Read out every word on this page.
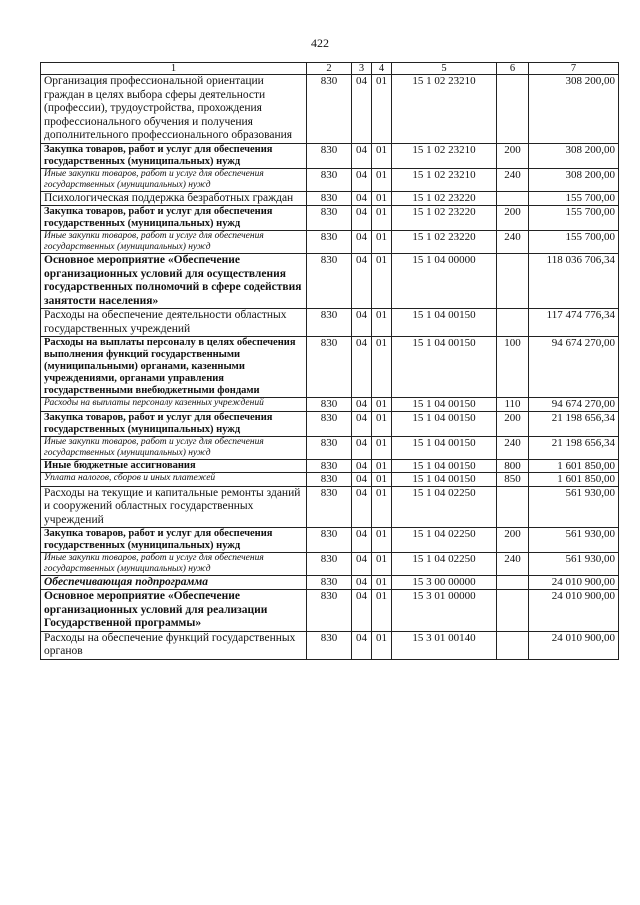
422
1	2	3	4	5	6	7
Организация профессиональной ориентации граждан в целях выбора сферы деятельности (профессии), трудоустройства, прохождения профессионального обучения и получения дополнительного профессионального образования	830	04	01	15 1 02 23210		308 200,00
Закупка товаров, работ и услуг для обеспечения государственных (муниципальных) нужд	830	04	01	15 1 02 23210	200	308 200,00
Иные закупки товаров, работ и услуг для обеспечения государственных (муниципальных) нужд	830	04	01	15 1 02 23210	240	308 200,00
Психологическая поддержка безработных граждан	830	04	01	15 1 02 23220		155 700,00
Закупка товаров, работ и услуг для обеспечения государственных (муниципальных) нужд	830	04	01	15 1 02 23220	200	155 700,00
Иные закупки товаров, работ и услуг для обеспечения государственных (муниципальных) нужд	830	04	01	15 1 02 23220	240	155 700,00
Основное мероприятие «Обеспечение организационных условий для осуществления государственных полномочий в сфере содействия занятости населения»	830	04	01	15 1 04 00000		118 036 706,34
Расходы на обеспечение деятельности областных государственных учреждений	830	04	01	15 1 04 00150		117 474 776,34
Расходы на выплаты персоналу в целях обеспечения выполнения функций государственными (муниципальными) органами, казенными учреждениями, органами управления государственными внебюджетными фондами	830	04	01	15 1 04 00150	100	94 674 270,00
Расходы на выплаты персоналу казенных учреждений	830	04	01	15 1 04 00150	110	94 674 270,00
Закупка товаров, работ и услуг для обеспечения государственных (муниципальных) нужд	830	04	01	15 1 04 00150	200	21 198 656,34
Иные закупки товаров, работ и услуг для обеспечения государственных (муниципальных) нужд	830	04	01	15 1 04 00150	240	21 198 656,34
Иные бюджетные ассигнования	830	04	01	15 1 04 00150	800	1 601 850,00
Уплата налогов, сборов и иных платежей	830	04	01	15 1 04 00150	850	1 601 850,00
Расходы на текущие и капитальные ремонты зданий и сооружений областных государственных учреждений	830	04	01	15 1 04 02250		561 930,00
Закупка товаров, работ и услуг для обеспечения государственных (муниципальных) нужд	830	04	01	15 1 04 02250	200	561 930,00
Иные закупки товаров, работ и услуг для обеспечения государственных (муниципальных) нужд	830	04	01	15 1 04 02250	240	561 930,00
Обеспечивающая подпрограмма	830	04	01	15 3 00 00000		24 010 900,00
Основное мероприятие «Обеспечение организационных условий для реализации Государственной программы»	830	04	01	15 3 01 00000		24 010 900,00
Расходы на обеспечение функций государственных органов	830	04	01	15 3 01 00140		24 010 900,00
